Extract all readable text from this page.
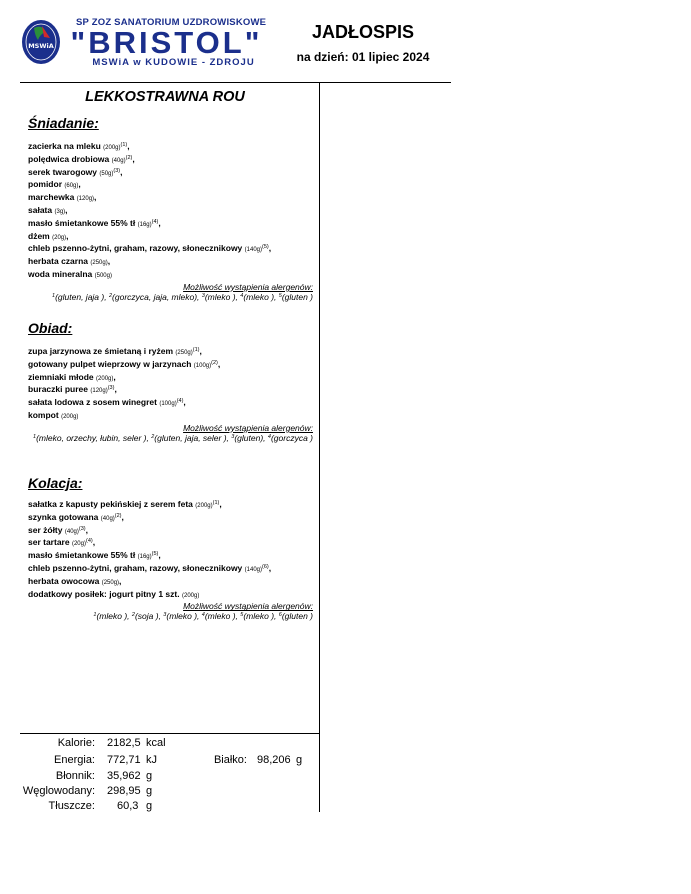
MSWiA
SP ZOZ SANATORIUM UZDROWISKOWE
"BRISTOL"
MSWiA w KUDOWIE - ZDROJU
JADŁOSPIS
na dzień: 01 lipiec 2024
LEKKOSTRAWNA ROU
Śniadanie:
zacierka na mleku $(200g)^{(1)}$,
polędwica drobiowa $(40g)^{(2)}$,
serek twarogowy $(50g)^{(3)}$,
pomidor (60g),
marchewka (120g),
sałata (3g),
masło śmietankowe 55% tł $(16g)^{(4)}$,
dżem (20g),
chleb pszenno-żytni, graham, razowy, słonecznikowy $(140g)^{(5)}$,
herbata czarna (250g),
woda mineralna (500g)
Możliwość wystąpienia alergenów:
$^1$(gluten, jaja ), $^2$(gorczyca, jaja, mleko), $^3$(mleko ), $^4$(mleko ), $^5$(gluten )
Obiad:
zupa jarzynowa ze śmietaną i ryżem $(250g)^{(1)}$,
gotowany pulpet wieprzowy w jarzynach $(100g)^{(2)}$,
ziemniaki młode (200g),
buraczki puree $(120g)^{(3)}$,
sałata lodowa z sosem winegret $(100g)^{(4)}$,
kompot (200g)
Możliwość wystąpienia alergenów:
$^1$(mleko, orzechy, łubin, seler ), $^2$(gluten, jaja, seler ), $^3$(gluten), $^4$(gorczyca )
Kolacja:
sałatka z kapusty pekińskiej z serem feta $(200g)^{(1)}$,
szynka gotowana $(40g)^{(2)}$,
ser żółty $(40g)^{(3)}$,
ser tartare $(20g)^{(4)}$,
masło śmietankowe 55% tł $(16g)^{(5)}$,
chleb pszenno-żytni, graham, razowy, słonecznikowy $(140g)^{(6)}$,
herbata owocowa (250g),
dodatkowy posiłek: jogurt pitny 1 szt. (200g)
Możliwość wystąpienia alergenów:
$^1$(mleko ), $^2$(soja ), $^3$(mleko ), $^4$(mleko ), $^5$(mleko ), $^6$(gluten )
Kalorie: 2182,5 kcal
Energia: 772,71 kJ	Białko: 98,206 g
Błonnik: 35,962 g
Węglowodany: 298,95 g
Tłuszcze: 60,3 g
